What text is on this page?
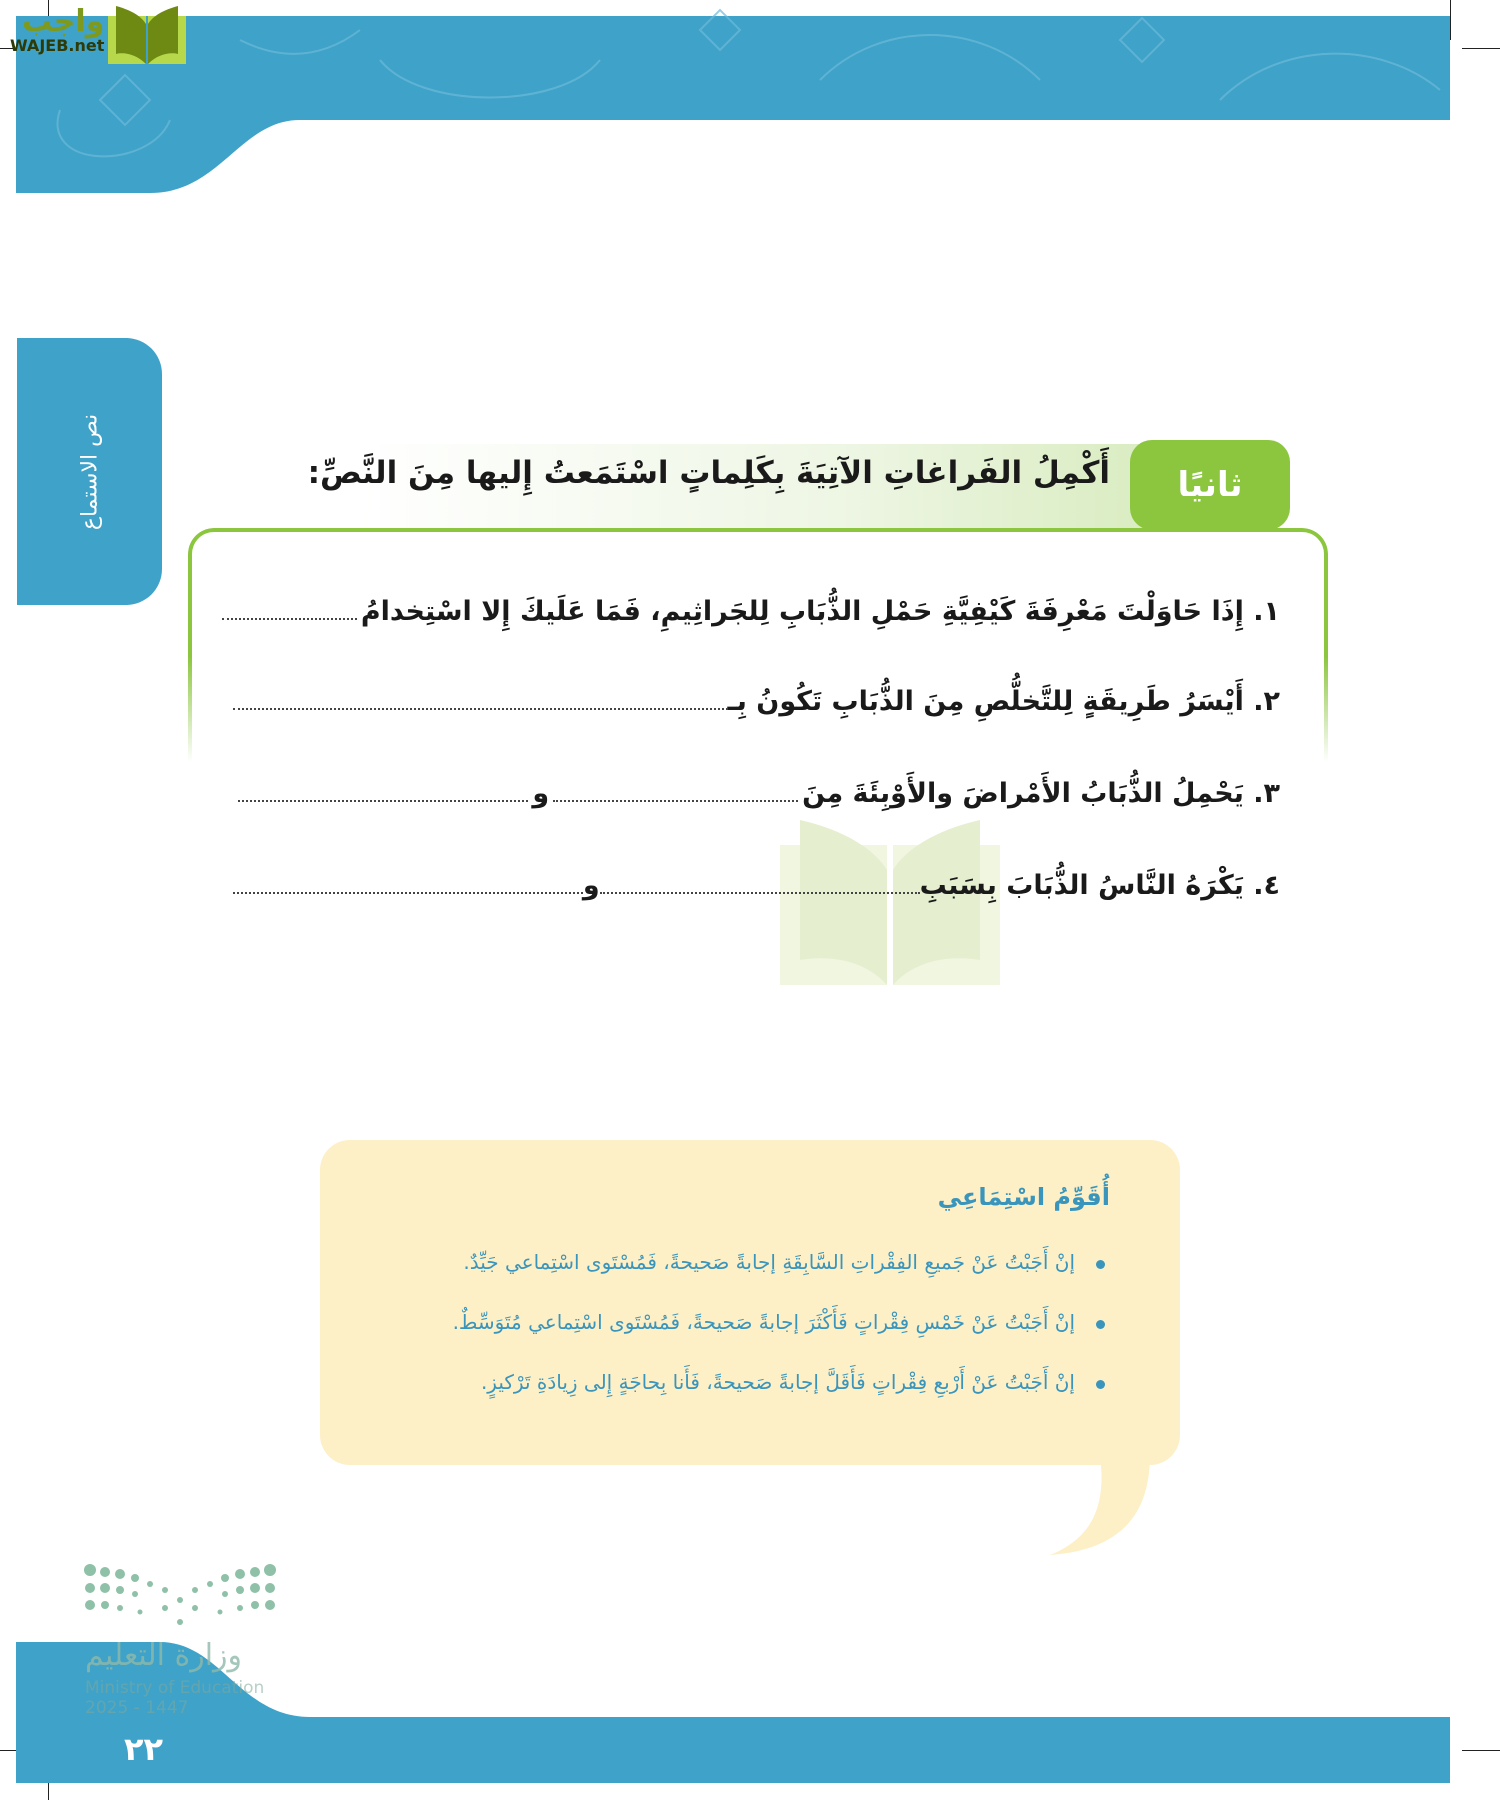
واجب
WAJEB.net
نص الاستماع	ثانيًا
أَكْمِلُ الفَراغاتِ الآتِيَةَ بِكَلِماتٍ اسْتَمَعتُ إِليها مِنَ النَّصِّ:
١. إِذَا حَاوَلْتَ مَعْرِفَةَ كَيْفِيَّةِ حَمْلِ الذُّبَابِ لِلجَراثِيمِ، فَمَا عَلَيكَ إِلا اسْتِخدامُ
٢. أَيْسَرُ طَرِيقَةٍ لِلتَّخلُّصِ مِنَ الذُّبَابِ تَكُونُ بِـ
٣. يَحْمِلُ الذُّبَابُ الأَمْراضَ والأَوْبِئَةَ مِنَ
و
٤. يَكْرَهُ النَّاسُ الذُّبَابَ بِسَبَبِ
و
أُقَوِّمُ اسْتِمَاعِي
إنْ أَجَبْتُ عَنْ جَميعِ الفِقْراتِ السَّابِقَةِ إجابةً صَحيحةً، فَمُسْتَوى اسْتِماعي جَيِّدٌ.
إنْ أَجَبْتُ عَنْ خَمْسِ فِقْراتٍ فَأَكْثَرَ إجابةً صَحيحةً، فَمُسْتَوى اسْتِماعي مُتَوَسِّطٌ.
إنْ أَجَبْتُ عَنْ أَرْبعِ فِقْراتٍ فَأَقَلَّ إجابةً صَحيحةً، فَأَنا بِحاجَةٍ إِلى زِيادَةِ تَرْكيزٍ.
وزارة التعليم
Ministry of Education
2025 - 1447
٢٢
